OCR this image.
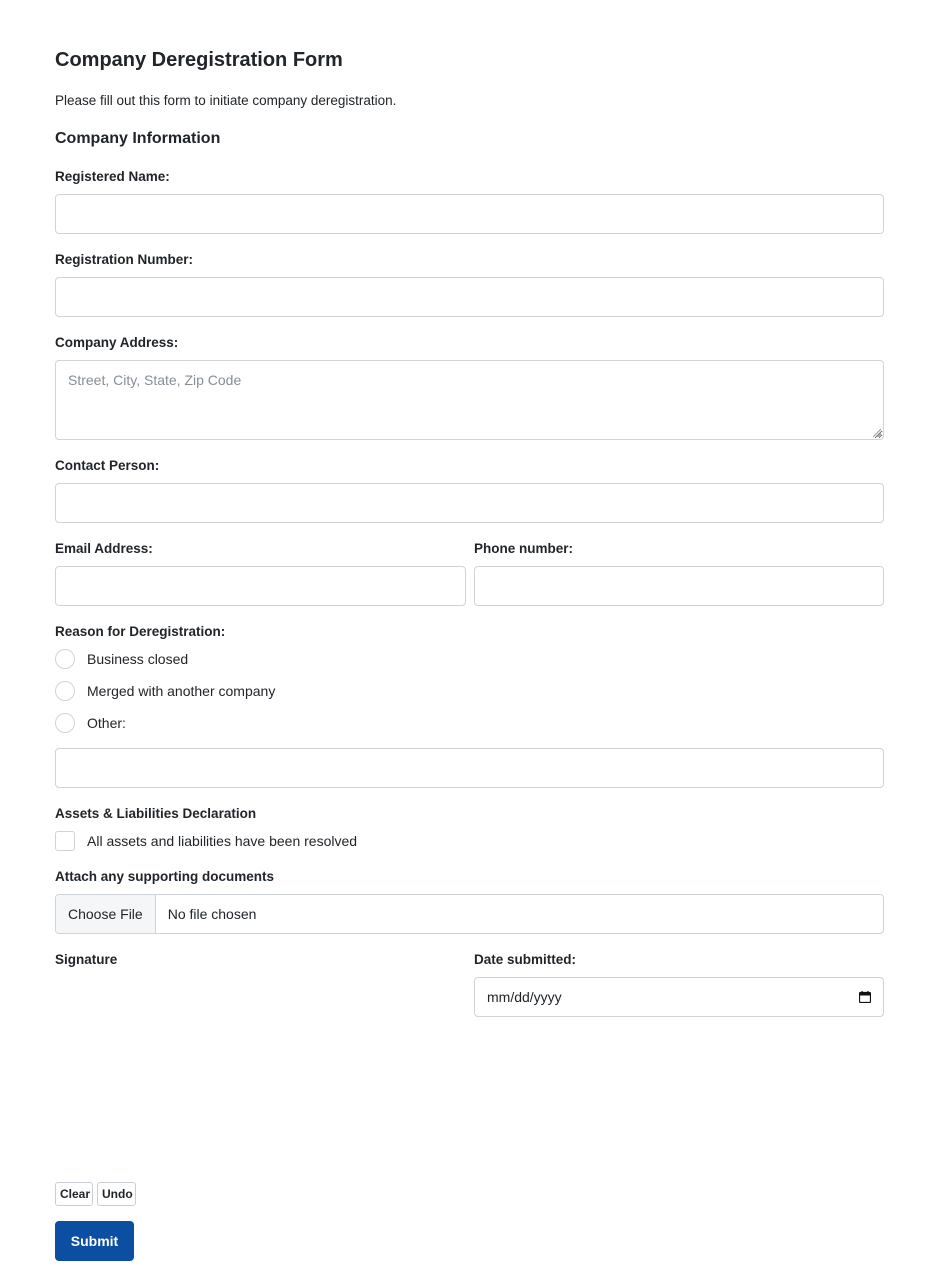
Company Deregistration Form

Please fill out this form to initiate company deregistration.

Company Information
Registered Name:
Registration Number:
Company Address:
Street, City, State, Zip Code
Contact Person:
Email Address:	Phone number:
Reason for Deregistration:
Business closed
Merged with another company
Other:
Assets & Liabilities Declaration
All assets and liabilities have been resolved
Attach any supporting documents
Choose File	No file chosen
Signature	Date submitted:
mm/dd/yyyy
Clear Undo
Submit
